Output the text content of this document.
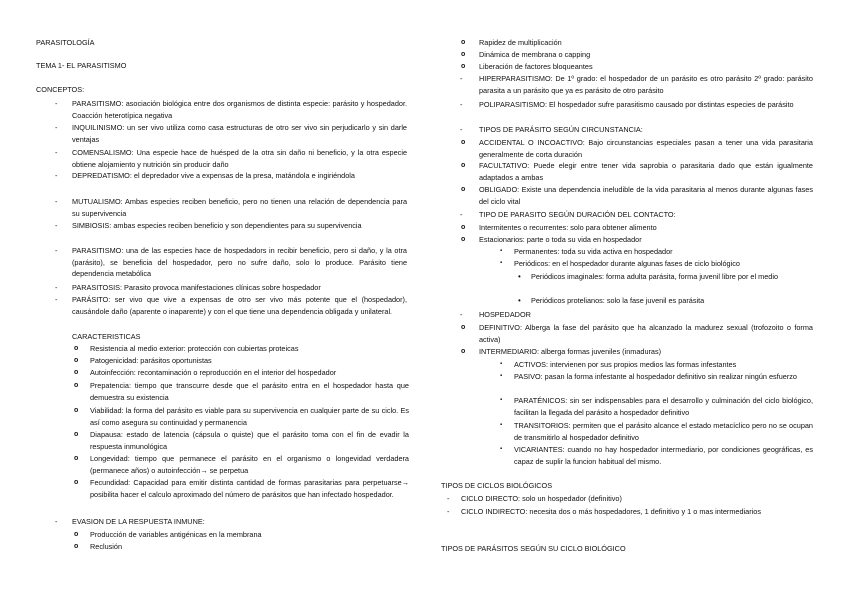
PARASITOLOGÍA
TEMA 1- EL PARASITISMO
CONCEPTOS:
- PARASITISMO: asociación biológica entre dos organismos de distinta especie: parásito y hospedador. Coacción heterotípica negativa
- INQUILINISMO: un ser vivo utiliza como casa estructuras de otro ser vivo sin perjudicarlo y sin darle ventajas
- COMENSALISMO: Una especie hace de huésped de la otra sin daño ni beneficio, y la otra especie obtiene alojamiento y nutrición sin producir daño
- DEPREDATISMO: el depredador vive a expensas de la presa, matándola e ingiriéndola
- MUTUALISMO: Ambas especies reciben beneficio, pero no tienen una relación de dependencia para su supervivencia
- SIMBIOSIS: ambas especies reciben beneficio y son dependientes para su supervivencia
- PARASITISMO: una de las especies hace de hospedadors in recibir beneficio, pero si daño, y la otra (parásito), se beneficia del hospedador, pero no sufre daño, solo lo produce. Parásito tiene dependencia metabólica
- PARASITOSIS: Parasito provoca manifestaciones clínicas sobre hospedador
- PARÁSITO: ser vivo que vive a expensas de otro ser vivo más potente que el (hospedador), causándole daño (aparente o inaparente) y con el que tiene una dependencia obligada y unilateral.
CARACTERISTICAS
o Resistencia al medio exterior: protección con cubiertas proteicas
o Patogenicidad: parásitos oportunistas
o Autoinfección: recontaminación o reproducción en el interior del hospedador
o Prepatencia: tiempo que transcurre desde que el parásito entra en el hospedador hasta que demuestra su existencia
o Viabilidad: la forma del parásito es viable para su supervivencia en cualquier parte de su ciclo. Es así como asegura su continuidad y permanencia
o Diapausa: estado de latencia (cápsula o quiste) que el parásito toma con el fin de evadir la respuesta inmunológica
o Longevidad: tiempo que permanece el parásito en el organismo o longevidad verdadera (permanece años) o autoinfección→ se perpetua
o Fecundidad: Capacidad para emitir distinta cantidad de formas parasitarias para perpetuarse→ posibilita hacer el calculo aproximado del número de parásitos que han infectado hospedador.
- EVASION DE LA RESPUESTA INMUNE:
o Producción de variables antigénicas en la membrana
o Reclusión
o Rapidez de multiplicación
o Dinámica de membrana o capping
o Liberación de factores bloqueantes
- HIPERPARASITISMO: De 1º grado: el hospedador de un parásito es otro parásito 2º grado: parásito parasita a un parásito que ya es parásito de otro parásito
- POLIPARASITISMO: El hospedador sufre parasitismo causado por distintas especies de parásito
- TIPOS DE PARÁSITO SEGÚN CIRCUNSTANCIA:
o ACCIDENTAL O INCOACTIVO: Bajo circunstancias especiales pasan a tener una vida parasitaria generalmente de corta duración
o FACULTATIVO: Puede elegir entre tener vida saprobia o parasitaria dado que están igualmente adaptados a ambas
o OBLIGADO: Existe una dependencia ineludible de la vida parasitaria al menos durante algunas fases del ciclo vital
- TIPO DE PARASITO SEGÚN DURACIÓN DEL CONTACTO:
o Intermitentes o recurrentes: solo para obtener alimento
o Estacionarios: parte o toda su vida en hospedador
▪ Permanentes: toda su vida activa en hospedador
▪ Periódicos: en el hospedador durante algunas fases de ciclo biológico
• Periódicos imaginales: forma adulta parásita, forma juvenil libre por el medio
• Periódicos protelianos: solo la fase juvenil es parásita
- HOSPEDADOR
o DEFINITIVO: Alberga la fase del parásito que ha alcanzado la madurez sexual (trofozoito o forma activa)
o INTERMEDIARIO: alberga formas juveniles (inmaduras)
▪ ACTIVOS: intervienen por sus propios medios las formas infestantes
▪ PASIVO: pasan la forma infestante al hospedador definitivo sin realizar ningún esfuerzo
▪ PARATÉNICOS: sin ser indispensables para el desarrollo y culminación del ciclo biológico, facilitan la llegada del parásito a hospedador definitivo
▪ TRANSITORIOS: permiten que el parásito alcance el estado metacíclico pero no se ocupan de transmitirlo al hospedador definitivo
▪ VICARIANTES: cuando no hay hospedador intermediario, por condiciones geográficas, es capaz de suplir la funcion habitual del mismo.
TIPOS DE CICLOS BIOLÓGICOS
- CICLO DIRECTO: solo un hospedador (definitivo)
- CICLO INDIRECTO: necesita dos o más hospedadores, 1 definitivo y 1 o mas intermediarios
TIPOS DE PARÁSITOS SEGÚN SU CICLO BIOLÓGICO
